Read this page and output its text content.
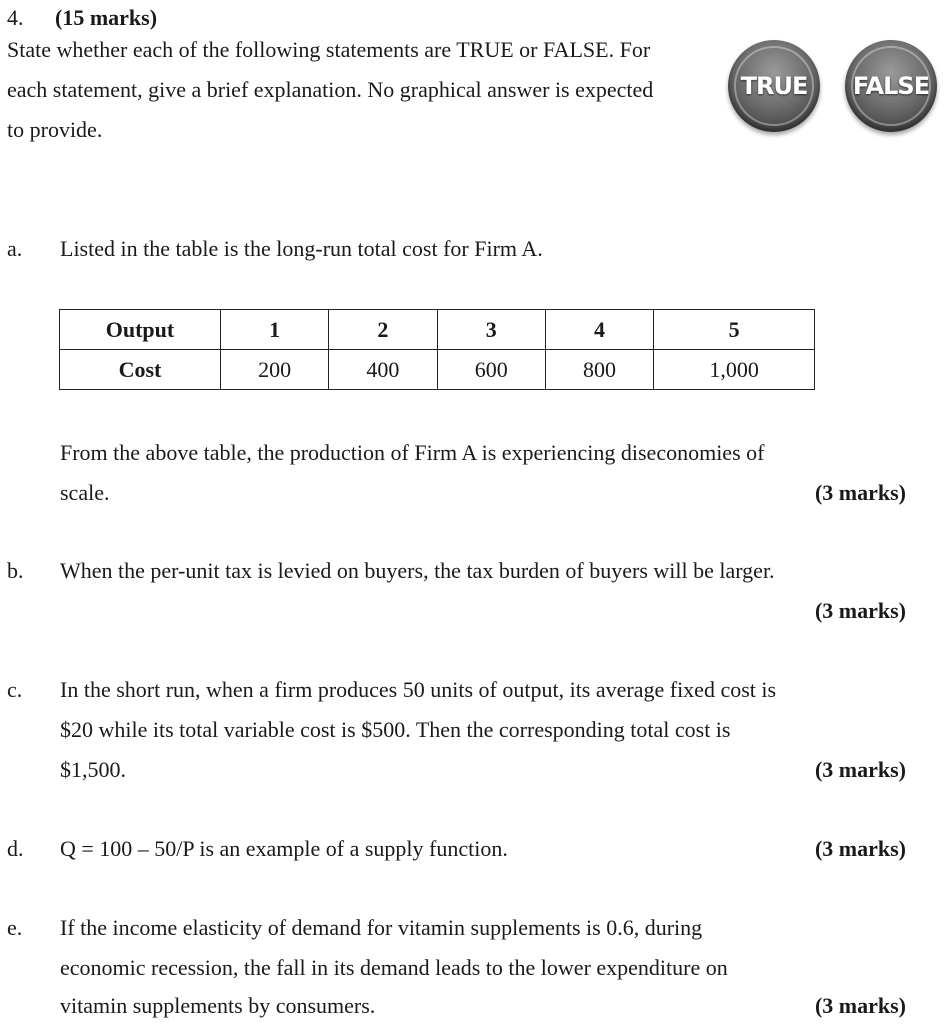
4. (15 marks)
State whether each of the following statements are TRUE or FALSE. For each statement, give a brief explanation. No graphical answer is expected to provide.
TRUE FALSE
a. Listed in the table is the long-run total cost for Firm A.
Output	1	2	3	4	5
Cost	200	400	600	800	1,000
From the above table, the production of Firm A is experiencing diseconomies of
scale.	(3 marks)
b. When the per-unit tax is levied on buyers, the tax burden of buyers will be larger.
(3 marks)
c. In the short run, when a firm produces 50 units of output, its average fixed cost is
$20 while its total variable cost is $500. Then the corresponding total cost is
$1,500.	(3 marks)
d. Q = 100 – 50/P is an example of a supply function.	(3 marks)
e. If the income elasticity of demand for vitamin supplements is 0.6, during
economic recession, the fall in its demand leads to the lower expenditure on
vitamin supplements by consumers.	(3 marks)
